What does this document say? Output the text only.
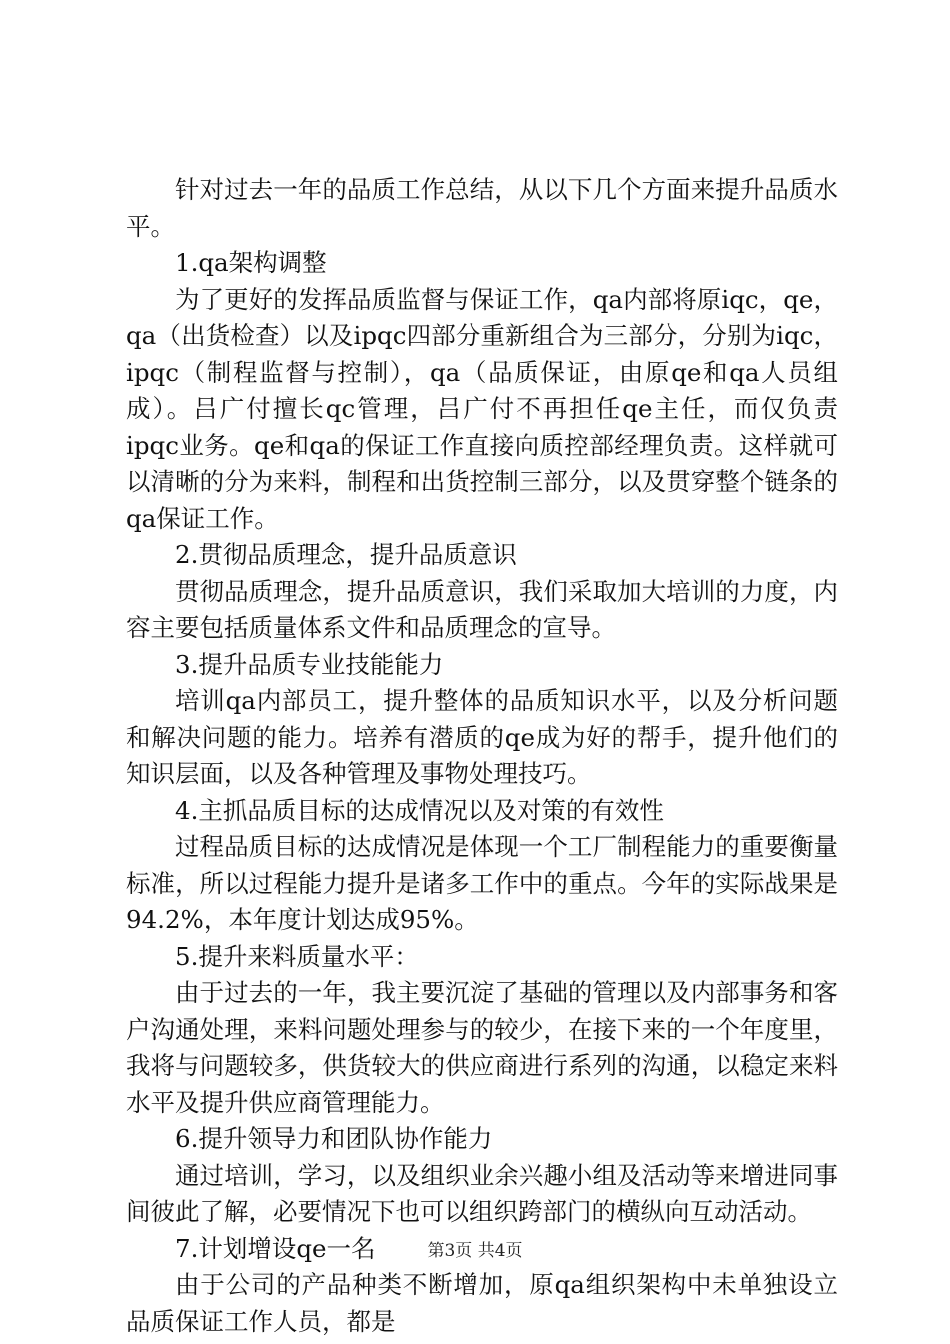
针对过去一年的品质工作总结，从以下几个方面来提升品质水平。

1.qa架构调整

为了更好的发挥品质监督与保证工作，qa内部将原iqc，qe，qa（出货检查）以及ipqc四部分重新组合为三部分，分别为iqc，ipqc（制程监督与控制），qa（品质保证，由原qe和qa人员组成）。吕广付擅长qc管理，吕广付不再担任qe主任，而仅负责ipqc业务。qe和qa的保证工作直接向质控部经理负责。这样就可以清晰的分为来料，制程和出货控制三部分，以及贯穿整个链条的qa保证工作。

2.贯彻品质理念，提升品质意识

贯彻品质理念，提升品质意识，我们采取加大培训的力度，内容主要包括质量体系文件和品质理念的宣导。

3.提升品质专业技能能力

培训qa内部员工，提升整体的品质知识水平，以及分析问题和解决问题的能力。培养有潜质的qe成为好的帮手，提升他们的知识层面，以及各种管理及事物处理技巧。

4.主抓品质目标的达成情况以及对策的有效性

过程品质目标的达成情况是体现一个工厂制程能力的重要衡量标准，所以过程能力提升是诸多工作中的重点。今年的实际战果是94.2%，本年度计划达成95%。

5.提升来料质量水平：

由于过去的一年，我主要沉淀了基础的管理以及内部事务和客户沟通处理，来料问题处理参与的较少，在接下来的一个年度里，我将与问题较多，供货较大的供应商进行系列的沟通，以稳定来料水平及提升供应商管理能力。

6.提升领导力和团队协作能力

通过培训，学习，以及组织业余兴趣小组及活动等来增进同事间彼此了解，必要情况下也可以组织跨部门的横纵向互动活动。

7.计划增设qe一名

由于公司的产品种类不断增加，原qa组织架构中未单独设立品质保证工作人员，都是

第3页 共4页
